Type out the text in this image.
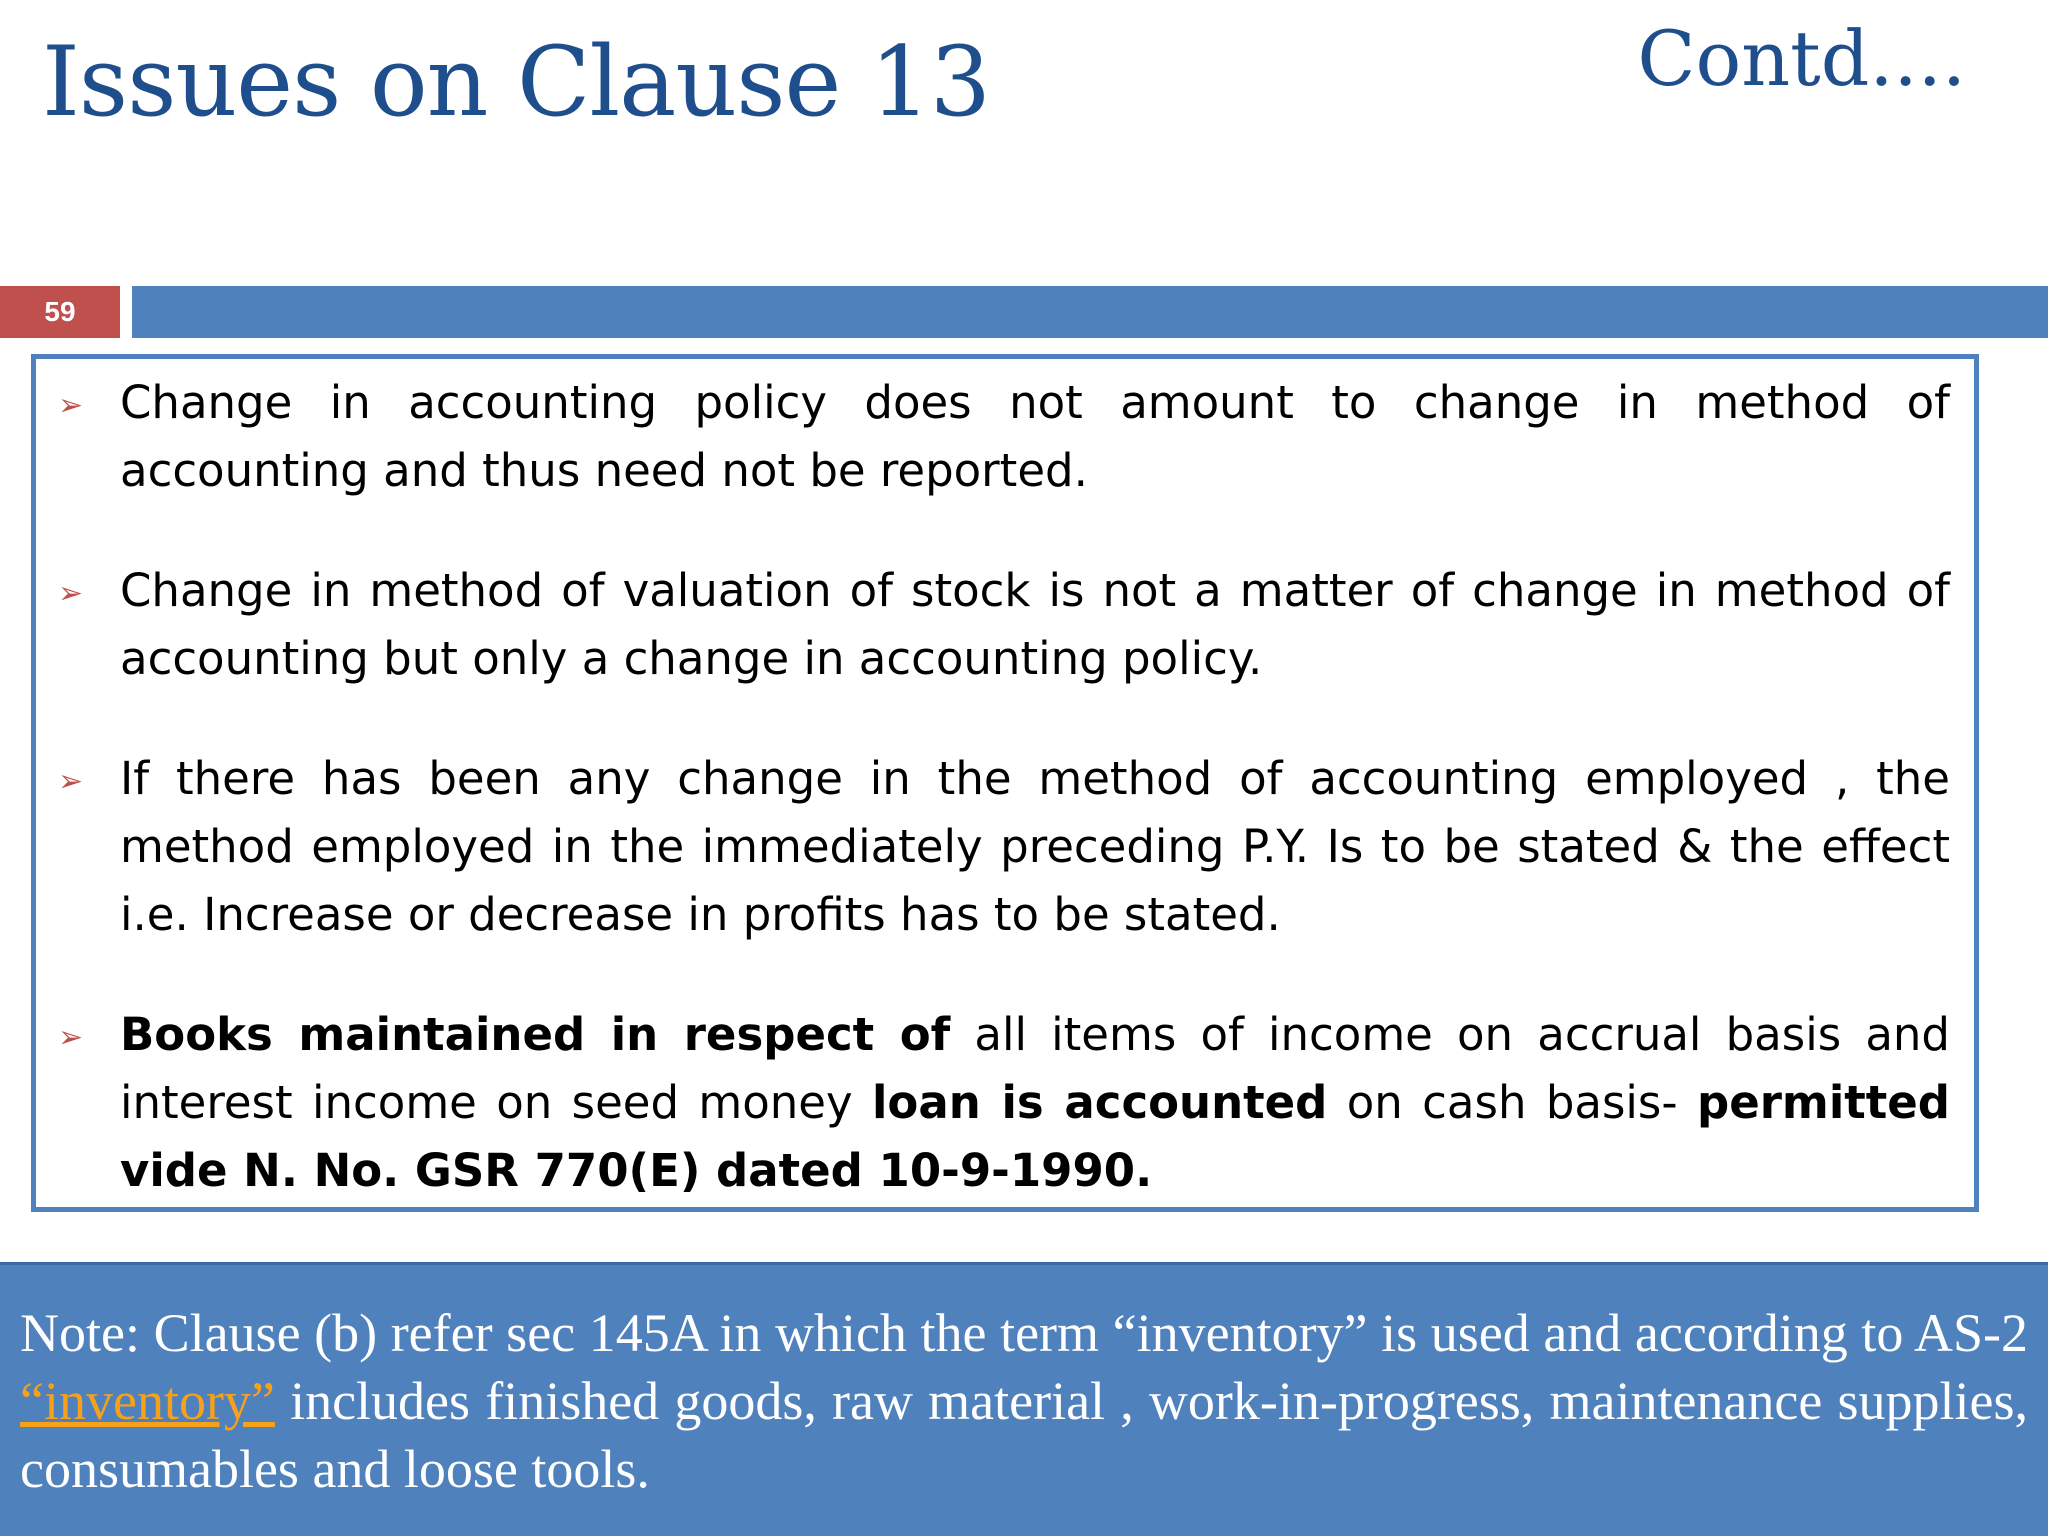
Issues on Clause 13	Contd....
59
➢ Change in accounting policy does not amount to change in method of accounting and thus need not be reported.
➢ Change in method of valuation of stock is not a matter of change in method of accounting but only a change in accounting policy.
➢ If there has been any change in the method of accounting employed , the method employed in the immediately preceding P.Y. Is to be stated & the effect i.e. Increase or decrease in profits has to be stated.
➢ Books maintained in respect of all items of income on accrual basis and interest income on seed money loan is accounted on cash basis- permitted vide N. No. GSR 770(E) dated 10-9-1990.

Note: Clause (b) refer sec 145A in which the term “inventory” is used and according to AS-2 “inventory” includes finished goods, raw material , work-in-progress, maintenance supplies, consumables and loose tools.
